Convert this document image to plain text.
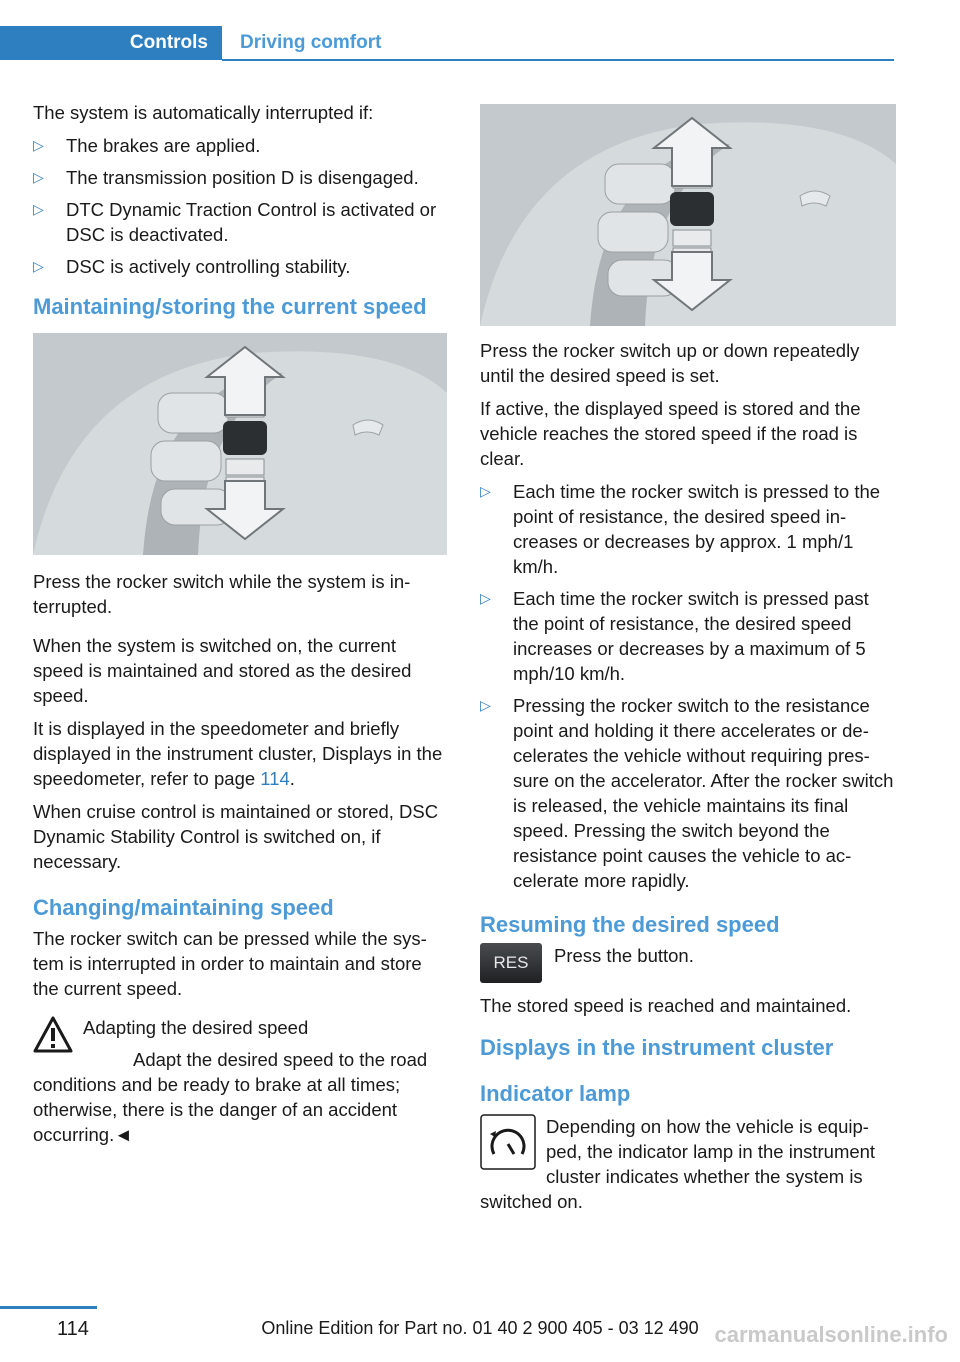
Controls	Driving comfort

The system is automatically interrupted if:

▷	The brakes are applied.
▷	The transmission position D is disengaged.
▷	DTC Dynamic Traction Control is activated or DSC is deactivated.
▷	DSC is actively controlling stability.
Maintaining/storing the current speed

Press the rocker switch while the system is interrupted.

When the system is switched on, the current speed is maintained and stored as the desired speed.

It is displayed in the speedometer and briefly displayed in the instrument cluster, Displays in the speedometer, refer to page 114.

When cruise control is maintained or stored, DSC Dynamic Stability Control is switched on, if necessary.

Changing/maintaining speed

The rocker switch can be pressed while the system is interrupted in order to maintain and store the current speed.

Adapting the desired speed

Adapt the desired speed to the road conditions and be ready to brake at all times; otherwise, there is the danger of an accident occurring.◄

Press the rocker switch up or down repeatedly until the desired speed is set.

If active, the displayed speed is stored and the vehicle reaches the stored speed if the road is clear.

▷	Each time the rocker switch is pressed to the point of resistance, the desired speed increases or decreases by approx. 1 mph/1 km/h.
▷	Each time the rocker switch is pressed past the point of resistance, the desired speed increases or decreases by a maximum of 5 mph/10 km/h.
▷	Pressing the rocker switch to the resistance point and holding it there accelerates or decelerates the vehicle without requiring pressure on the accelerator. After the rocker switch is released, the vehicle maintains its final speed. Pressing the switch beyond the resistance point causes the vehicle to accelerate more rapidly.
Resuming the desired speed
RES	Press the button.

The stored speed is reached and maintained.

Displays in the instrument cluster
Indicator lamp

Depending on how the vehicle is equipped, the indicator lamp in the instrument cluster indicates whether the system is switched on.

114	Online Edition for Part no. 01 40 2 900 405 - 03 12 490 carmanualsonline.info
